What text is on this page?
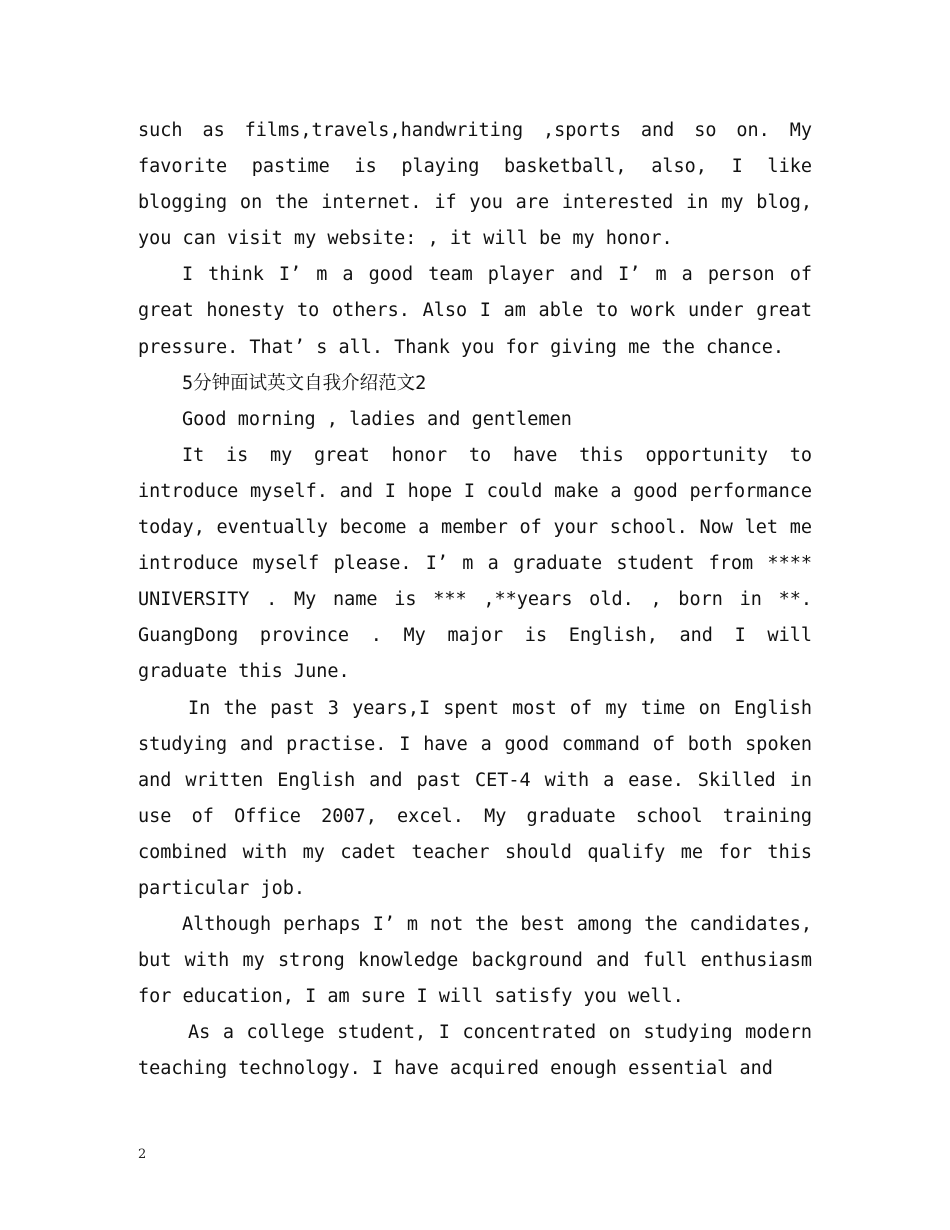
such as films,travels,handwriting ,sports and so on. My favorite pastime is playing basketball, also, I like blogging on the internet. if you are interested in my blog, you can visit my website: , it will be my honor.

I think I’ m a good team player and I’ m a person of great honesty to others. Also I am able to work under great pressure. That’ s all. Thank you for giving me the chance.

5分钟面试英文自我介绍范文2

Good morning , ladies and gentlemen

It is my great honor to have this opportunity to introduce myself. and I hope I could make a good performance today, eventually become a member of your school. Now let me introduce myself please. I’ m a graduate student from **** UNIVERSITY . My name is *** ,**years old. , born in **. GuangDong province . My major is English, and I will graduate this June.

In the past 3 years,I spent most of my time on English studying and practise. I have a good command of both spoken and written English and past CET-4 with a ease. Skilled in use of Office 2007, excel. My graduate school training combined with my cadet teacher should qualify me for this particular job.

Although perhaps I’ m not the best among the candidates, but with my strong knowledge background and full enthusiasm for education, I am sure I will satisfy you well.

As a college student, I concentrated on studying modern teaching technology. I have acquired enough essential and

2
